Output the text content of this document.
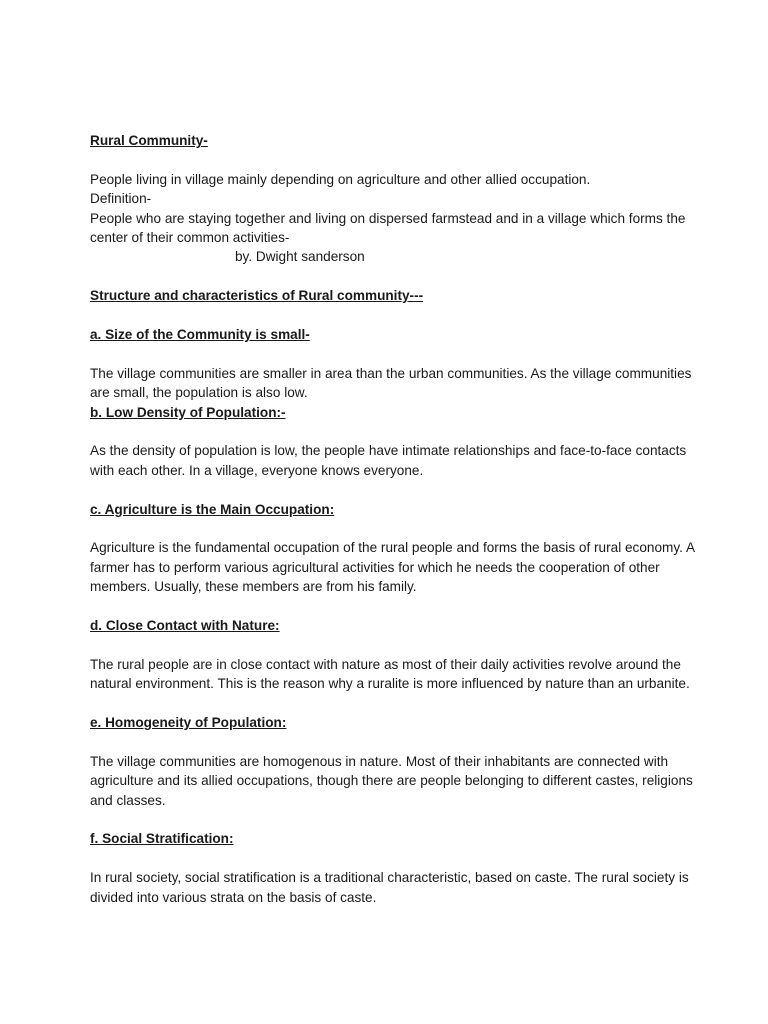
Rural Community-

People living in village mainly depending on agriculture and other allied occupation.

Definition-

People who are staying together and living on dispersed farmstead and in a village which forms the center of their common activities-

by. Dwight sanderson

Structure and characteristics of Rural community---

a. Size of the Community is small-

The village communities are smaller in area than the urban communities. As the village communities are small, the population is also low.

b. Low Density of Population:-

As the density of population is low, the people have intimate relationships and face-to-face contacts with each other. In a village, everyone knows everyone.

c. Agriculture is the Main Occupation:

Agriculture is the fundamental occupation of the rural people and forms the basis of rural economy. A farmer has to perform various agricultural activities for which he needs the cooperation of other members. Usually, these members are from his family.

d. Close Contact with Nature:

The rural people are in close contact with nature as most of their daily activities revolve around the natural environment. This is the reason why a ruralite is more influenced by nature than an urbanite.

e. Homogeneity of Population:

The village communities are homogenous in nature. Most of their inhabitants are connected with agriculture and its allied occupations, though there are people belonging to different castes, religions and classes.

f. Social Stratification:

In rural society, social stratification is a traditional characteristic, based on caste. The rural society is divided into various strata on the basis of caste.
